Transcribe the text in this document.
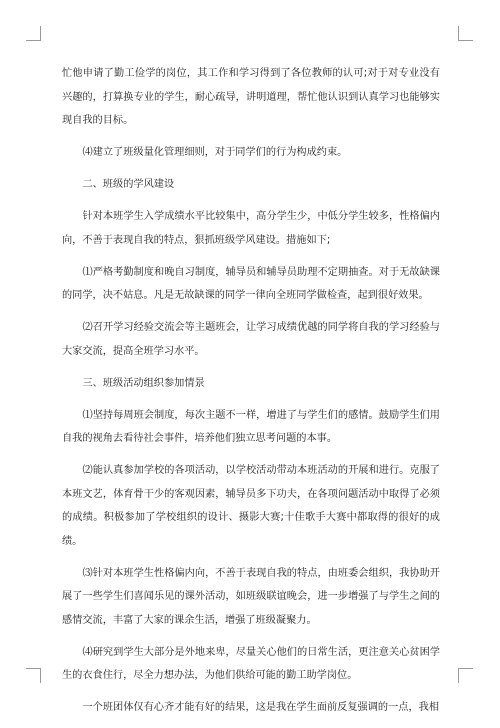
忙他申请了勤工俭学的岗位，其工作和学习得到了各位教师的认可;对于对专业没有兴趣的，打算换专业的学生，耐心疏导，讲明道理，帮忙他认识到认真学习也能够实现自我的目标。

⑷建立了班级量化管理细则，对于同学们的行为构成约束。

二、班级的学风建设

针对本班学生入学成绩水平比较集中，高分学生少，中低分学生较多，性格偏内向，不善于表现自我的特点，狠抓班级学风建设。措施如下;

⑴严格考勤制度和晚自习制度，辅导员和辅导员助理不定期抽查。对于无故缺课的同学，决不姑息。凡是无故缺课的同学一律向全班同学做检查，起到很好效果。

⑵召开学习经验交流会等主题班会，让学习成绩优越的同学将自我的学习经验与大家交流，提高全班学习水平。

三、班级活动组织参加情景

⑴坚持每周班会制度，每次主题不一样，增进了与学生们的感情。鼓励学生们用自我的视角去看待社会事件，培养他们独立思考问题的本事。

⑵能认真参加学校的各项活动，以学校活动带动本班活动的开展和进行。克服了本班文艺，体育骨干少的客观因素，辅导员多下功夫，在各项问题活动中取得了必须的成绩。积极参加了学校组织的设计、摄影大赛;十佳歌手大赛中都取得的很好的成绩。

⑶针对本班学生性格偏内向，不善于表现自我的特点，由班委会组织，我协助开展了一些学生们喜闻乐见的课外活动，如班级联谊晚会，进一步增强了与学生之间的感情交流，丰富了大家的课余生活，增强了班级凝聚力。

⑷研究到学生大部分是外地来卑，尽量关心他们的日常生活，更注意关心贫困学生的衣食住行，尽全力想办法，为他们供给可能的勤工助学岗位。

一个班团体仅有心齐才能有好的结果，这是我在学生面前反复强调的一点，我相
